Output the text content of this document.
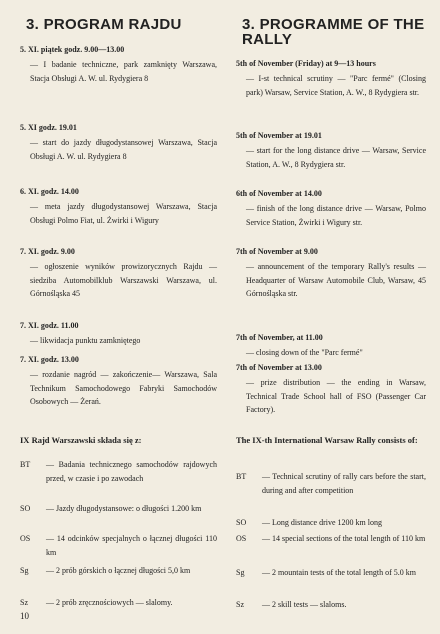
3. PROGRAM RAJDU
5. XI. piątek godz. 9.00—13.00
— I badanie techniczne, park zamknięty Warszawa, Stacja Obsługi A. W. ul. Rydygiera 8
5. XI godz. 19.01
— start do jazdy długodystansowej Warszawa, Stacja Obsługi A. W. ul. Rydygiera 8
6. XI. godz. 14.00
— meta jazdy długodystansowej Warszawa, Stacja Obsługi Polmo Fiat, ul. Żwirki i Wigury
7. XI. godz. 9.00
— ogłoszenie wyników prowizorycznych Rajdu — siedziba Automobilklub Warszawski Warszawa, ul. Górnośląska 45
7. XI. godz. 11.00
— likwidacja punktu zamkniętego
7. XI. godz. 13.00
— rozdanie nagród — zakończenie— Warszawa, Sala Technikum Samochodowego Fabryki Samochodów Osobowych — Żerań.
IX Rajd Warszawski składa się z:
BT	— Badania technicznego samochodów rajdowych przed, w czasie i po zawodach
SO	— Jazdy długodystansowe: o długości 1.200 km
OS	— 14 odcinków specjalnych o łącznej długości 110 km
Sg	— 2 prób górskich o łącznej długości 5,0 km
Sz	— 2 prób zręcznościowych — slalomy.
3. PROGRAMME OF THE RALLY
5th of November (Friday) at 9—13 hours
— I-st technical scrutiny — "Parc fermé" (Closing park) Warsaw, Service Station, A. W., 8 Rydygiera str.
5th of November at 19.01
— start for the long distance drive — Warsaw, Service Station, A. W., 8 Rydygiera str.
6th of November at 14.00
— finish of the long distance drive — Warsaw, Polmo Service Station, Żwirki i Wigury str.
7th of November at 9.00
— announcement of the temporary Rally's results — Headquarter of Warsaw Automobile Club, Warsaw, 45 Górnośląska str.
7th of November, at 11.00
— closing down of the "Parc fermé"
7th of November at 13.00
— prize distribution — the ending in Warsaw, Technical Trade School hall of FSO (Passenger Car Factory).
The IX-th International Warsaw Rally consists of:
BT	— Technical scrutiny of rally cars before the start, during and after competition
SO	— Long distance drive 1200 km long
OS	— 14 special sections of the total length of 110 km
Sg	— 2 mountain tests of the total length of 5.0 km
Sz	— 2 skill tests — slaloms.
10
